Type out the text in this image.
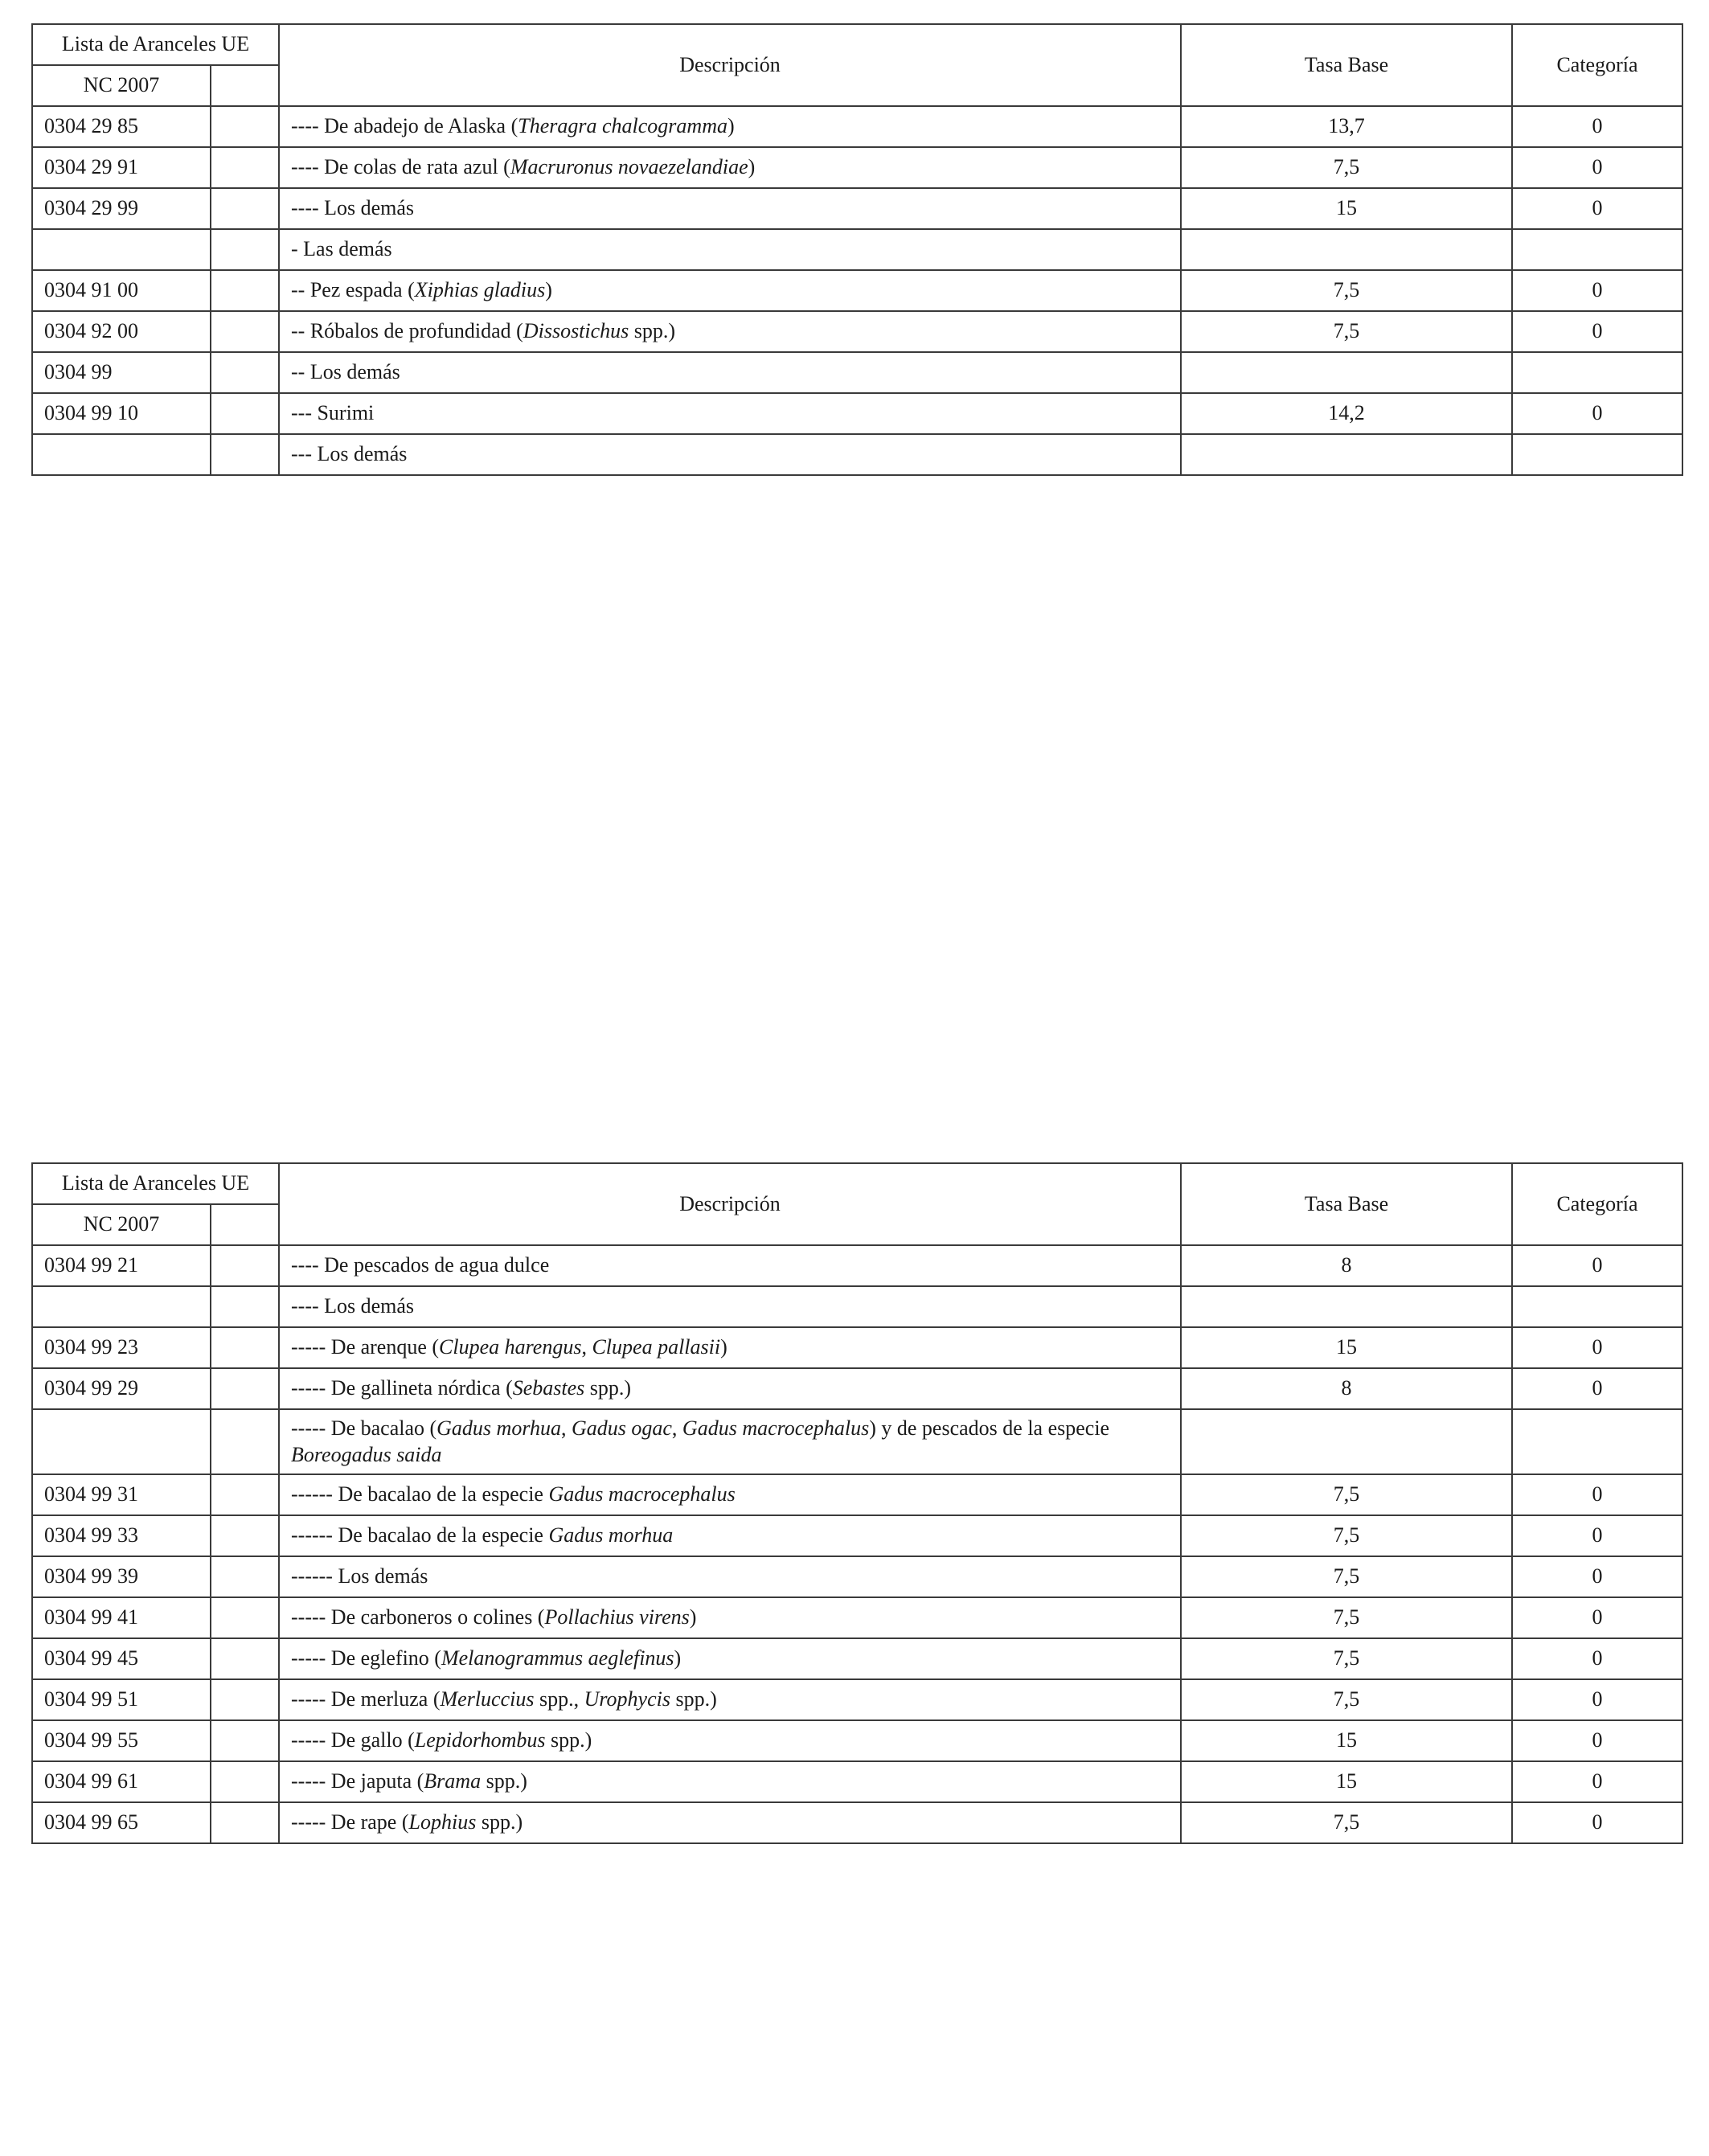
Lista de Aranceles UE		Descripción	Tasa Base	Categoría
NC 2007				
0304 29 85		---- De abadejo de Alaska (Theragra chalcogramma)	13,7	0
0304 29 91		---- De colas de rata azul (Macruronus novaezelandiae)	7,5	0
0304 29 99		---- Los demás	15	0
		- Las demás		
0304 91 00		-- Pez espada (Xiphias gladius)	7,5	0
0304 92 00		-- Róbalos de profundidad (Dissostichus spp.)	7,5	0
0304 99		-- Los demás		
0304 99 10		--- Surimi	14,2	0
		--- Los demás		
Lista de Aranceles UE		Descripción	Tasa Base	Categoría
NC 2007				
0304 99 21		---- De pescados de agua dulce	8	0
		---- Los demás		
0304 99 23		----- De arenque (Clupea harengus, Clupea pallasii)	15	0
0304 99 29		----- De gallineta nórdica (Sebastes spp.)	8	0
		----- De bacalao (Gadus morhua, Gadus ogac, Gadus macrocephalus) y de pescados de la especie Boreogadus saida		
0304 99 31		------ De bacalao de la especie Gadus macrocephalus	7,5	0
0304 99 33		------ De bacalao de la especie Gadus morhua	7,5	0
0304 99 39		------ Los demás	7,5	0
0304 99 41		----- De carboneros o colines (Pollachius virens)	7,5	0
0304 99 45		----- De eglefino (Melanogrammus aeglefinus)	7,5	0
0304 99 51		----- De merluza (Merluccius spp., Urophycis spp.)	7,5	0
0304 99 55		----- De gallo (Lepidorhombus spp.)	15	0
0304 99 61		----- De japuta (Brama spp.)	15	0
0304 99 65		----- De rape (Lophius spp.)	7,5	0
